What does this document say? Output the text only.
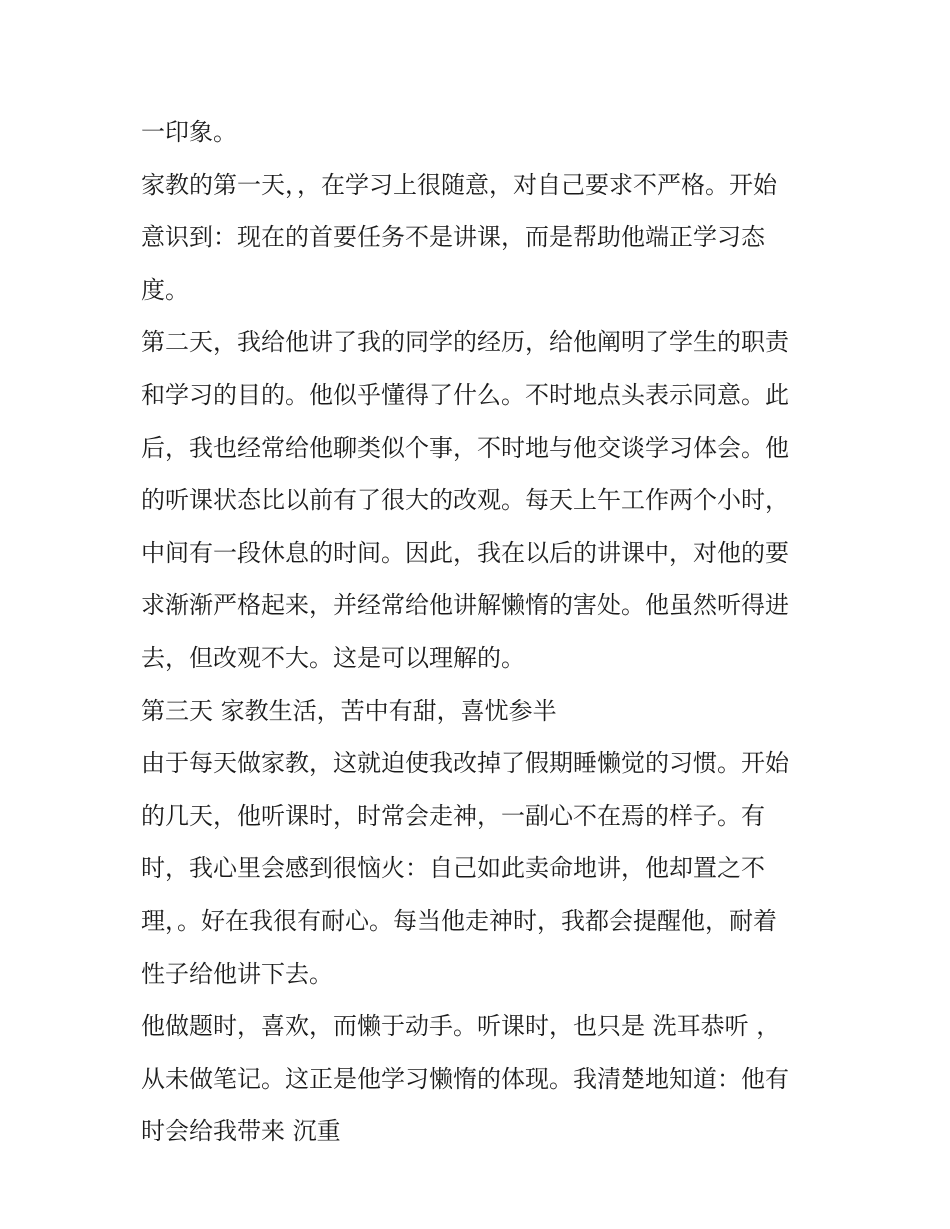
一印象。
家教的第一天，，在学习上很随意，对自己要求不严格。开始
意识到：现在的首要任务不是讲课，而是帮助他端正学习态
度。
第二天，我给他讲了我的同学的经历，给他阐明了学生的职责
和学习的目的。他似乎懂得了什么。不时地点头表示同意。此
后，我也经常给他聊类似个事，不时地与他交谈学习体会。他
的听课状态比以前有了很大的改观。每天上午工作两个小时，
中间有一段休息的时间。因此，我在以后的讲课中，对他的要
求渐渐严格起来，并经常给他讲解懒惰的害处。他虽然听得进
去，但改观不大。这是可以理解的。
第三天 家教生活，苦中有甜，喜忧参半
由于每天做家教，这就迫使我改掉了假期睡懒觉的习惯。开始
的几天，他听课时，时常会走神，一副心不在焉的样子。有
时，我心里会感到很恼火：自己如此卖命地讲，他却置之不
理，。好在我很有耐心。每当他走神时，我都会提醒他，耐着
性子给他讲下去。
他做题时，喜欢，而懒于动手。听课时，也只是 洗耳恭听 ，
从未做笔记。这正是他学习懒惰的体现。我清楚地知道：他有
时会给我带来 沉重
